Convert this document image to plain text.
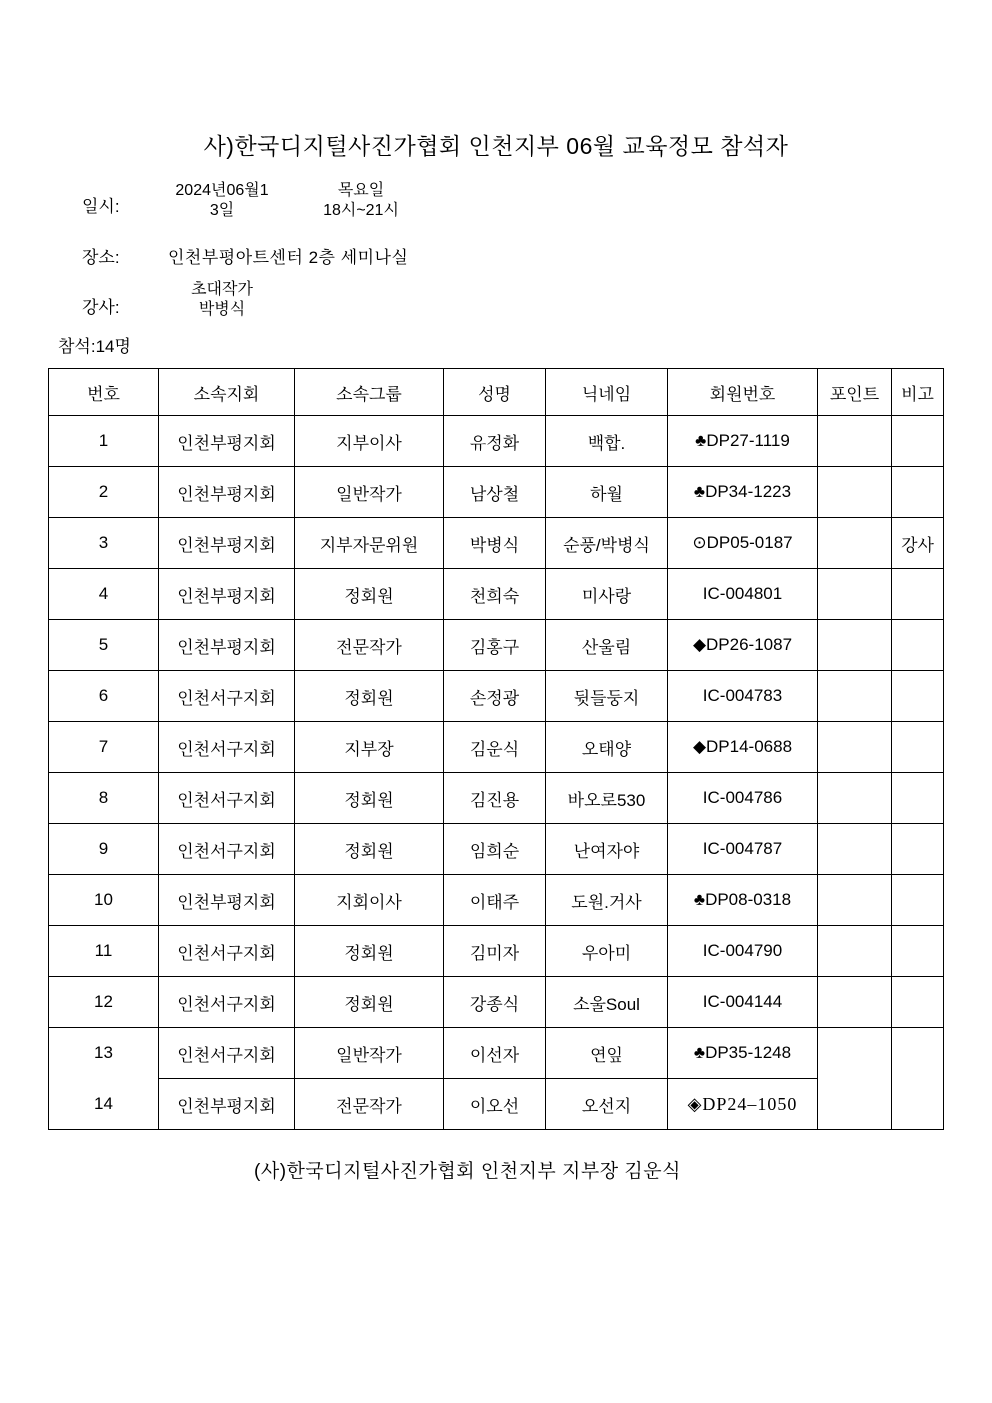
사)한국디지털사진가협회 인천지부 06월 교육정모 참석자
일시:
2024년06월1
3일
목요일
18시~21시
장소:	인천부평아트센터 2층 세미나실
강사:
초대작가
박병식
참석:14명
번호	소속지회	소속그룹	성명	닉네임	회원번호	포인트	비고
1	인천부평지회	지부이사	유정화	백합.	♣DP27-1119		
2	인천부평지회	일반작가	남상철	하월	♣DP34-1223		
3	인천부평지회	지부자문위원	박병식	순풍/박병식	⊙DP05-0187		강사
4	인천부평지회	정회원	천희숙	미사랑	IC-004801		
5	인천부평지회	전문작가	김홍구	산울림	◆DP26-1087		
6	인천서구지회	정회원	손정광	뒷들둥지	IC-004783		
7	인천서구지회	지부장	김운식	오태양	◆DP14-0688		
8	인천서구지회	정회원	김진용	바오로530	IC-004786		
9	인천서구지회	정회원	임희순	난여자야	IC-004787		
10	인천부평지회	지회이사	이태주	도원.거사	♣DP08-0318		
11	인천서구지회	정회원	김미자	우아미	IC-004790		
12	인천서구지회	정회원	강종식	소울Soul	IC-004144		
13	인천서구지회	일반작가	이선자	연잎	♣DP35-1248		
14	인천부평지회	전문작가	이오선	오선지	◈DP24–1050		
(사)한국디지털사진가협회 인천지부 지부장 김운식
